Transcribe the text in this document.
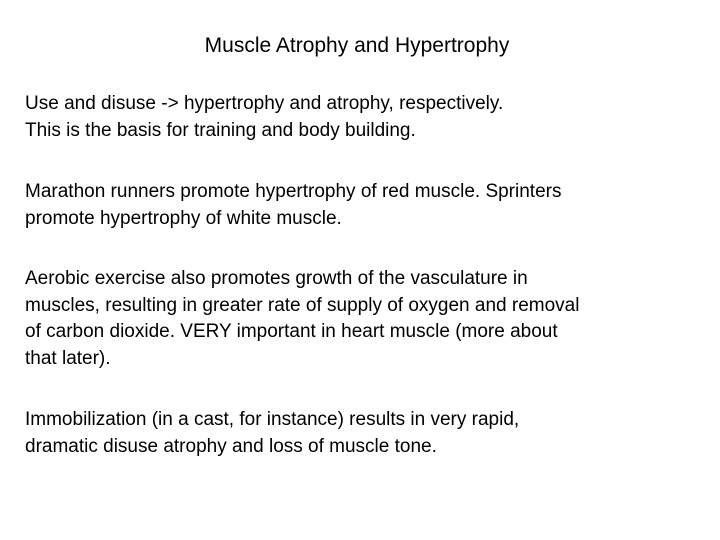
Muscle Atrophy and Hypertrophy
Use and disuse -> hypertrophy and atrophy, respectively.
This is the basis for training and body building.
Marathon runners promote hypertrophy of red muscle. Sprinters
promote hypertrophy of white muscle.
Aerobic exercise also promotes growth of the vasculature in
muscles, resulting in greater rate of supply of oxygen and removal
of carbon dioxide. VERY important in heart muscle (more about
that later).
Immobilization (in a cast, for instance) results in very rapid,
dramatic disuse atrophy and loss of muscle tone.
